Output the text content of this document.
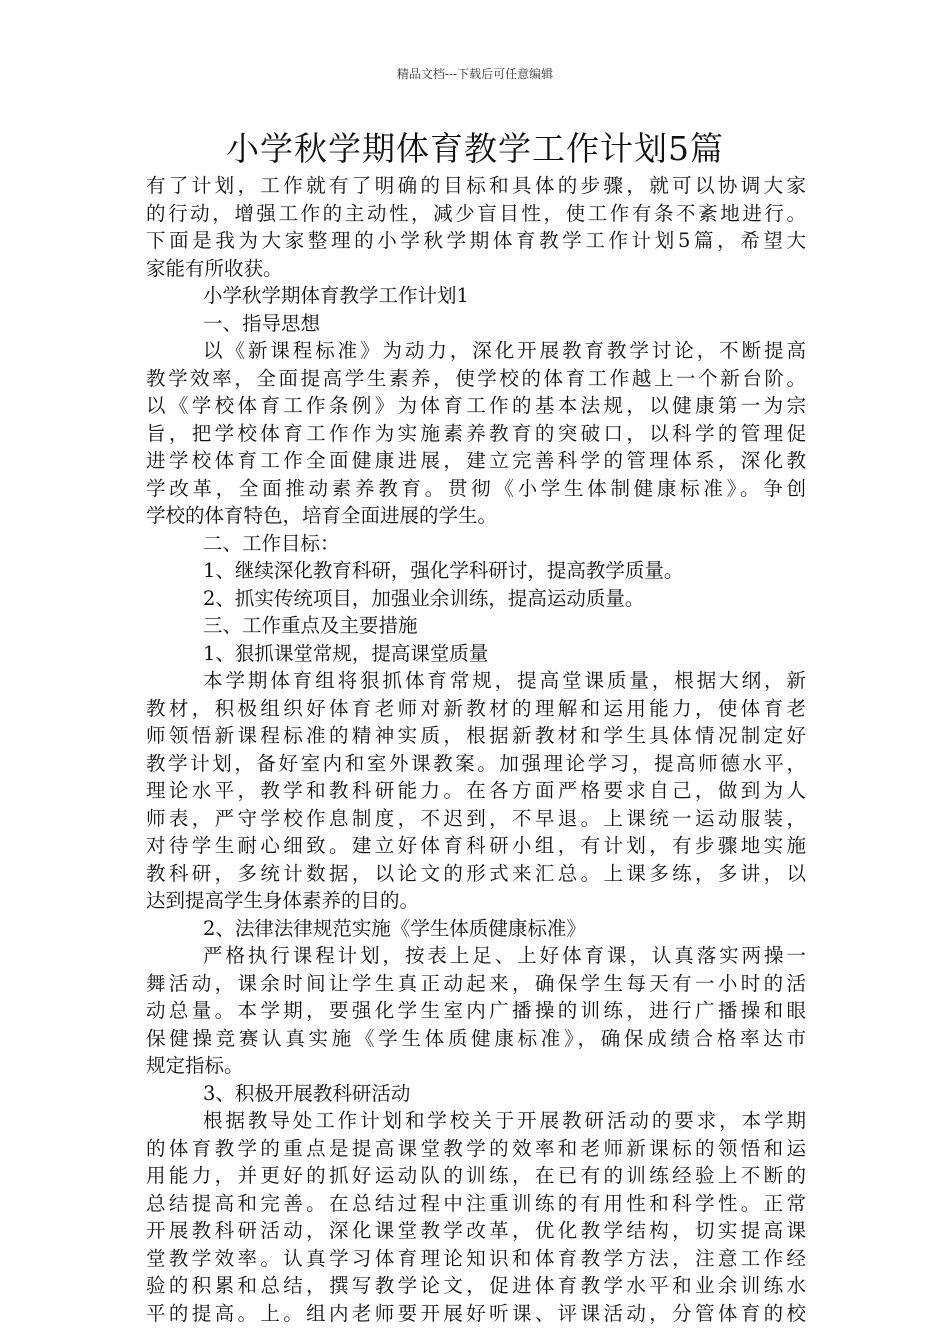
精品文档---下载后可任意编辑
小学秋学期体育教学工作计划5篇
有了计划，工作就有了明确的目标和具体的步骤，就可以协调大家
的行动，增强工作的主动性，减少盲目性，使工作有条不紊地进行。
下面是我为大家整理的小学秋学期体育教学工作计划5篇，希望大
家能有所收获。
小学秋学期体育教学工作计划1
一、指导思想
以《新课程标准》为动力，深化开展教育教学讨论，不断提高
教学效率，全面提高学生素养，使学校的体育工作越上一个新台阶。
以《学校体育工作条例》为体育工作的基本法规，以健康第一为宗
旨，把学校体育工作作为实施素养教育的突破口，以科学的管理促
进学校体育工作全面健康进展，建立完善科学的管理体系，深化教
学改革，全面推动素养教育。贯彻《小学生体制健康标准》。争创
学校的体育特色，培育全面进展的学生。
二、工作目标：
1、继续深化教育科研，强化学科研讨，提高教学质量。
2、抓实传统项目，加强业余训练，提高运动质量。
三、工作重点及主要措施
1、狠抓课堂常规，提高课堂质量
本学期体育组将狠抓体育常规，提高堂课质量，根据大纲，新
教材，积极组织好体育老师对新教材的理解和运用能力，使体育老
师领悟新课程标准的精神实质，根据新教材和学生具体情况制定好
教学计划，备好室内和室外课教案。加强理论学习，提高师德水平，
理论水平，教学和教科研能力。在各方面严格要求自己，做到为人
师表，严守学校作息制度，不迟到，不早退。上课统一运动服装，
对待学生耐心细致。建立好体育科研小组，有计划，有步骤地实施
教科研，多统计数据，以论文的形式来汇总。上课多练，多讲，以
达到提高学生身体素养的目的。
2、法律法律规范实施《学生体质健康标准》
严格执行课程计划，按表上足、上好体育课，认真落实两操一
舞活动，课余时间让学生真正动起来，确保学生每天有一小时的活
动总量。本学期，要强化学生室内广播操的训练，进行广播操和眼
保健操竞赛认真实施《学生体质健康标准》，确保成绩合格率达市
规定指标。
3、积极开展教科研活动
根据教导处工作计划和学校关于开展教研活动的要求，本学期
的体育教学的重点是提高课堂教学的效率和老师新课标的领悟和运
用能力，并更好的抓好运动队的训练，在已有的训练经验上不断的
总结提高和完善。在总结过程中注重训练的有用性和科学性。正常
开展教科研活动，深化课堂教学改革，优化教学结构，切实提高课
堂教学效率。认真学习体育理论知识和体育教学方法，注意工作经
验的积累和总结，撰写教学论文，促进体育教学水平和业余训练水
平的提高。上。组内老师要开展好听课、评课活动，分管体育的校
